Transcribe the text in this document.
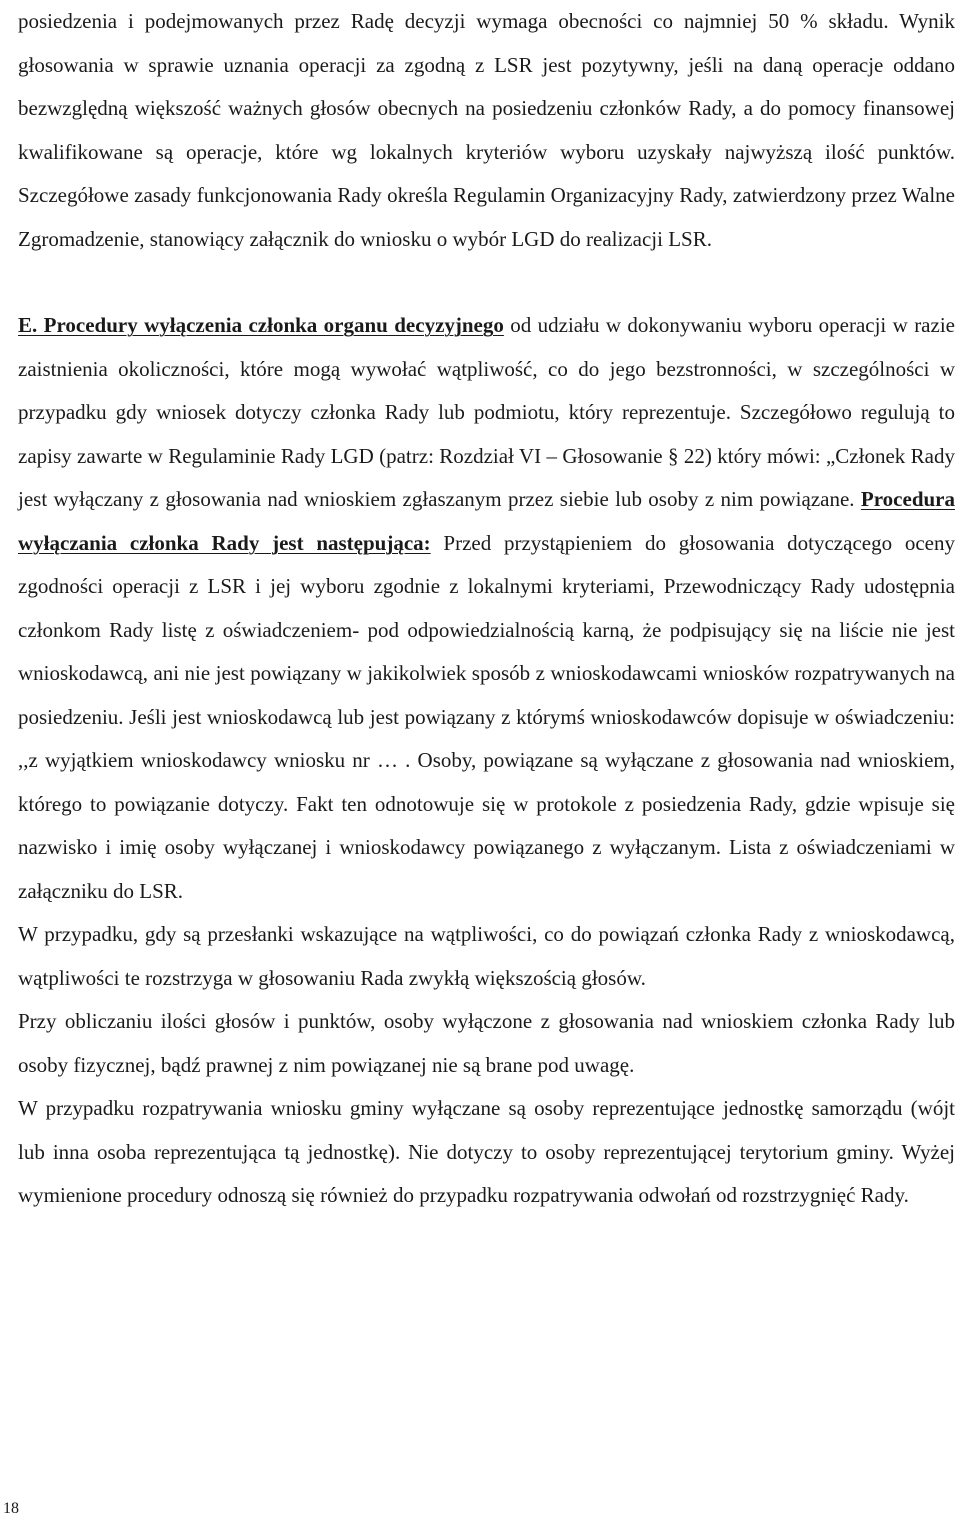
posiedzenia i podejmowanych przez Radę decyzji wymaga obecności co najmniej 50 % składu. Wynik głosowania w sprawie uznania operacji za zgodną z LSR jest pozytywny, jeśli na daną operacje oddano bezwzględną większość ważnych głosów obecnych na posiedzeniu członków Rady, a do pomocy finansowej kwalifikowane są operacje, które wg lokalnych kryteriów wyboru uzyskały najwyższą ilość punktów. Szczegółowe zasady funkcjonowania Rady określa Regulamin Organizacyjny Rady, zatwierdzony przez Walne Zgromadzenie, stanowiący załącznik do wniosku o wybór LGD do realizacji LSR.

E. Procedury wyłączenia członka organu decyzyjnego od udziału w dokonywaniu wyboru operacji w razie zaistnienia okoliczności, które mogą wywołać wątpliwość, co do jego bezstronności, w szczególności w przypadku gdy wniosek dotyczy członka Rady lub podmiotu, który reprezentuje. Szczegółowo regulują to zapisy zawarte w Regulaminie Rady LGD (patrz: Rozdział VI – Głosowanie § 22) który mówi: „Członek Rady jest wyłączany z głosowania nad wnioskiem zgłaszanym przez siebie lub osoby z nim powiązane. Procedura wyłączania członka Rady jest następująca: Przed przystąpieniem do głosowania dotyczącego oceny zgodności operacji z LSR i jej wyboru zgodnie z lokalnymi kryteriami, Przewodniczący Rady udostępnia członkom Rady listę z oświadczeniem- pod odpowiedzialnością karną, że podpisujący się na liście nie jest wnioskodawcą, ani nie jest powiązany w jakikolwiek sposób z wnioskodawcami wniosków rozpatrywanych na posiedzeniu. Jeśli jest wnioskodawcą lub jest powiązany z którymś wnioskodawców dopisuje w oświadczeniu: ,,z wyjątkiem wnioskodawcy wniosku nr … . Osoby, powiązane są wyłączane z głosowania nad wnioskiem, którego to powiązanie dotyczy. Fakt ten odnotowuje się w protokole z posiedzenia Rady, gdzie wpisuje się nazwisko i imię osoby wyłączanej i wnioskodawcy powiązanego z wyłączanym. Lista z oświadczeniami w załączniku do LSR.

W przypadku, gdy są przesłanki wskazujące na wątpliwości, co do powiązań członka Rady z wnioskodawcą, wątpliwości te rozstrzyga w głosowaniu Rada zwykłą większością głosów.

Przy obliczaniu ilości głosów i punktów, osoby wyłączone z głosowania nad wnioskiem członka Rady lub osoby fizycznej, bądź prawnej z nim powiązanej nie są brane pod uwagę.

W przypadku rozpatrywania wniosku gminy wyłączane są osoby reprezentujące jednostkę samorządu (wójt lub inna osoba reprezentująca tą jednostkę). Nie dotyczy to osoby reprezentującej terytorium gminy. Wyżej wymienione procedury odnoszą się również do przypadku rozpatrywania odwołań od rozstrzygnięć Rady.

18
